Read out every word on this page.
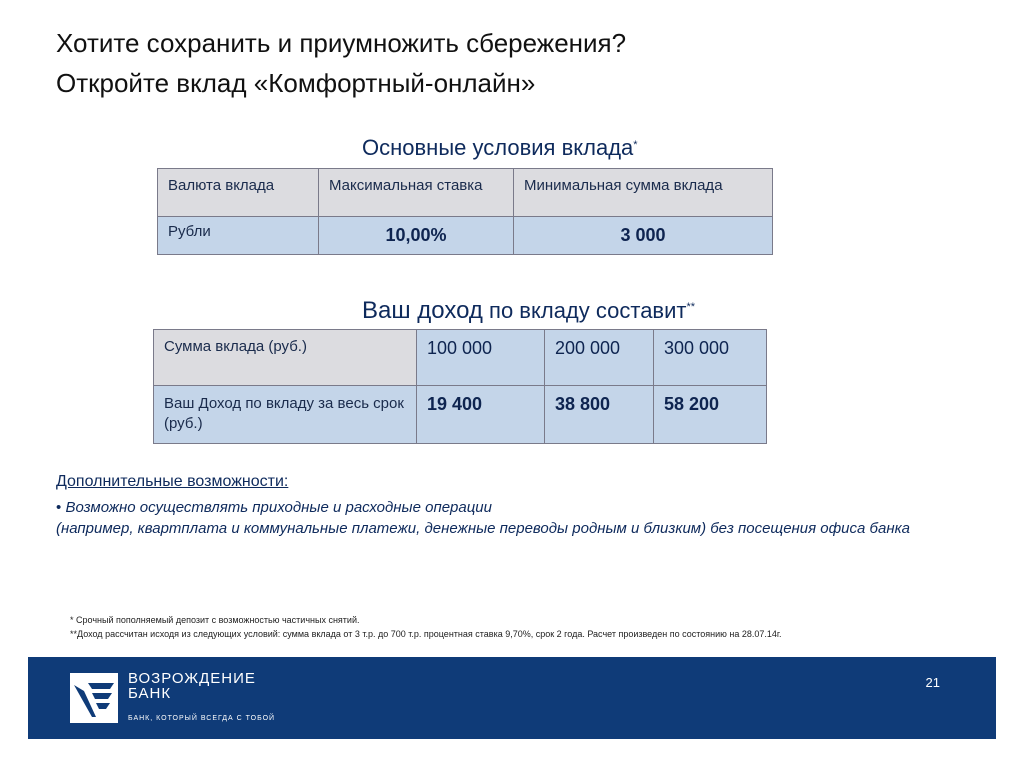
Хотите сохранить и приумножить сбережения?
Откройте вклад «Комфортный-онлайн»
Основные условия вклада*
Валюта вклада	Максимальная ставка	Минимальная сумма вклада
Рубли	10,00%	3 000
Ваш доход по вкладу составит**
Сумма вклада (руб.)	100 000	200 000	300 000
Ваш Доход по вкладу за весь срок (руб.)	19 400	38 800	58 200
Дополнительные возможности:
• Возможно осуществлять приходные и расходные операции
(например, квартплата и коммунальные платежи, денежные переводы родным и близким) без посещения офиса банка
* Срочный пополняемый депозит с возможностью частичных снятий.
**Доход рассчитан исходя из следующих условий: сумма вклада от 3 т.р. до 700 т.р. процентная ставка 9,70%, срок 2 года. Расчет произведен по состоянию на 28.07.14г.
ВОЗРОЖДЕНИЕ
БАНК
БАНК, КОТОРЫЙ ВСЕГДА С ТОБОЙ
21
